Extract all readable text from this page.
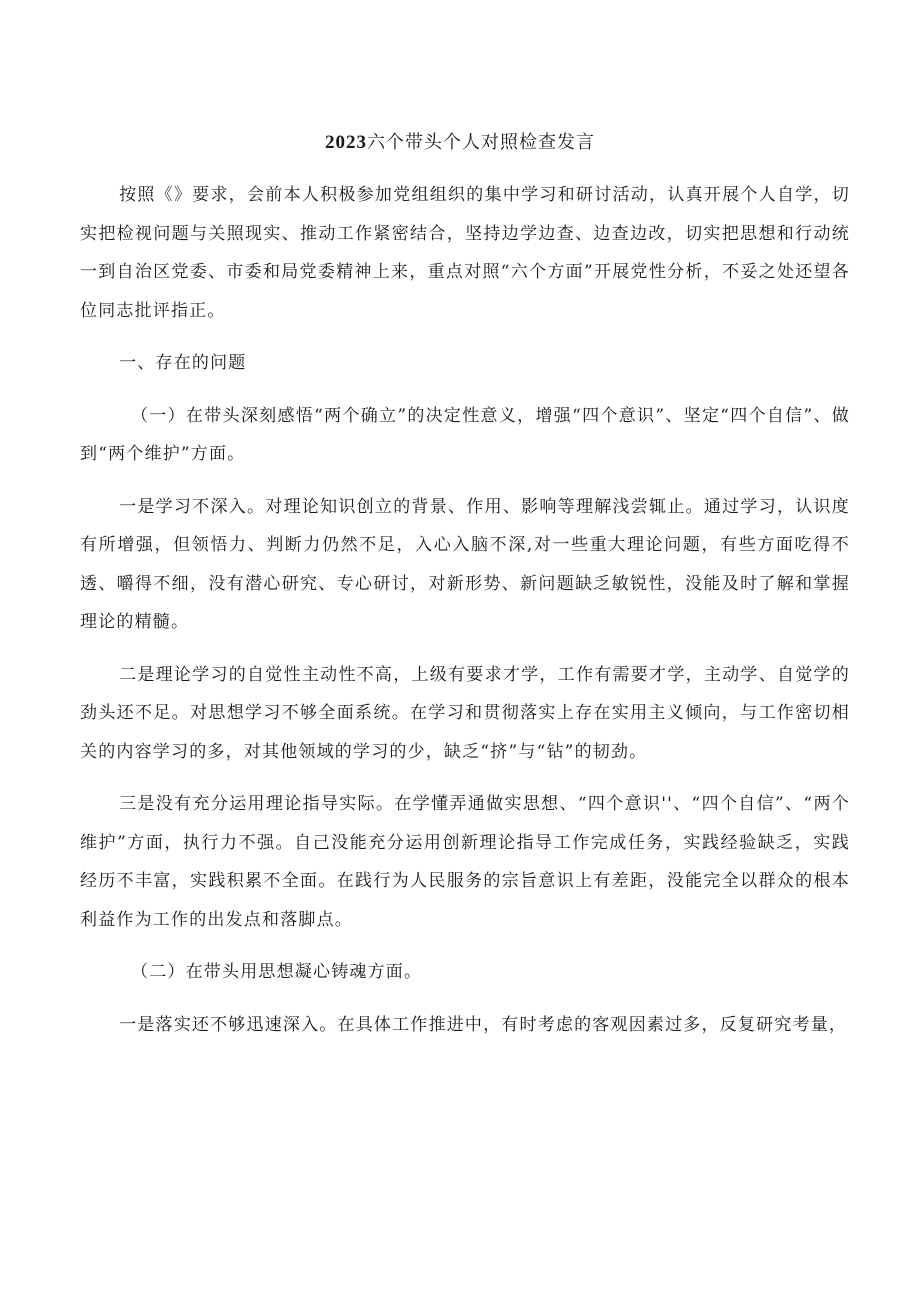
2023六个带头个人对照检查发言

按照《》要求，会前本人积极参加党组组织的集中学习和研讨活动，认真开展个人自学，切实把检视问题与关照现实、推动工作紧密结合，坚持边学边查、边查边改，切实把思想和行动统一到自治区党委、市委和局党委精神上来，重点对照“六个方面”开展党性分析，不妥之处还望各位同志批评指正。

一、存在的问题

（一）在带头深刻感悟“两个确立”的决定性意义，增强“四个意识”、坚定“四个自信”、做到“两个维护”方面。

一是学习不深入。对理论知识创立的背景、作用、影响等理解浅尝辄止。通过学习，认识度有所增强，但领悟力、判断力仍然不足，入心入脑不深,对一些重大理论问题，有些方面吃得不透、嚼得不细，没有潜心研究、专心研讨，对新形势、新问题缺乏敏锐性，没能及时了解和掌握理论的精髓。

二是理论学习的自觉性主动性不高，上级有要求才学，工作有需要才学，主动学、自觉学的劲头还不足。对思想学习不够全面系统。在学习和贯彻落实上存在实用主义倾向，与工作密切相关的内容学习的多，对其他领域的学习的少，缺乏“挤”与“钻”的韧劲。

三是没有充分运用理论指导实际。在学懂弄通做实思想、“四个意识''、“四个自信”、“两个维护”方面，执行力不强。自己没能充分运用创新理论指导工作完成任务，实践经验缺乏，实践经历不丰富，实践积累不全面。在践行为人民服务的宗旨意识上有差距，没能完全以群众的根本利益作为工作的出发点和落脚点。

（二）在带头用思想凝心铸魂方面。

一是落实还不够迅速深入。在具体工作推进中，有时考虑的客观因素过多，反复研究考量，
